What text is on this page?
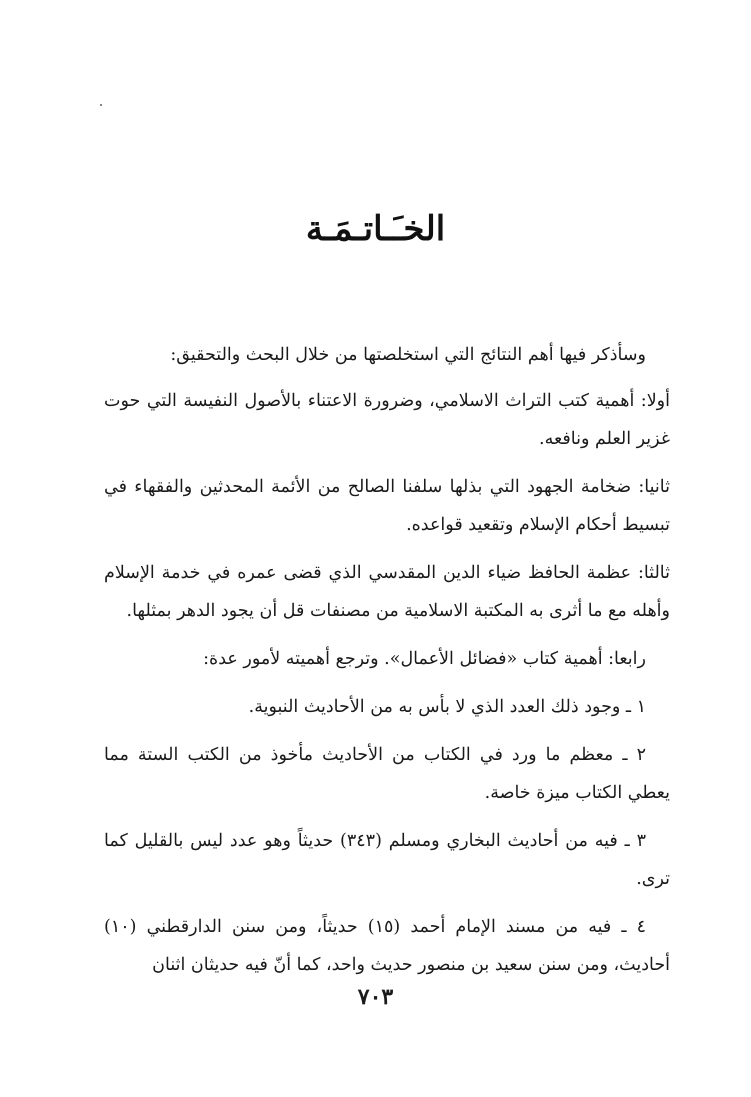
الخـَـاتـمَـة

وسأذكر فيها أهم النتائج التي استخلصتها من خلال البحث والتحقيق:

أولا: أهمية كتب التراث الاسلامي، وضرورة الاعتناء بالأصول النفيسة التي حوت غزير العلم ونافعه.

ثانيا: ضخامة الجهود التي بذلها سلفنا الصالح من الأئمة المحدثين والفقهاء في تبسيط أحكام الإسلام وتقعيد قواعده.

ثالثا: عظمة الحافظ ضياء الدين المقدسي الذي قضى عمره في خدمة الإسلام وأهله مع ما أثرى به المكتبة الاسلامية من مصنفات قل أن يجود الدهر بمثلها.

رابعا: أهمية كتاب «فضائل الأعمال». وترجع أهميته لأمور عدة:

١ ـ وجود ذلك العدد الذي لا بأس به من الأحاديث النبوية.

٢ ـ معظم ما ورد في الكتاب من الأحاديث مأخوذ من الكتب الستة مما يعطي الكتاب ميزة خاصة.

٣ ـ فيه من أحاديث البخاري ومسلم (٣٤٣) حديثاً وهو عدد ليس بالقليل كما ترى.

٤ ـ فيه من مسند الإمام أحمد (١٥) حديثاً، ومن سنن الدارقطني (١٠) أحاديث، ومن سنن سعيد بن منصور حديث واحد، كما أنّ فيه حديثان اثنان

٧٠٣
